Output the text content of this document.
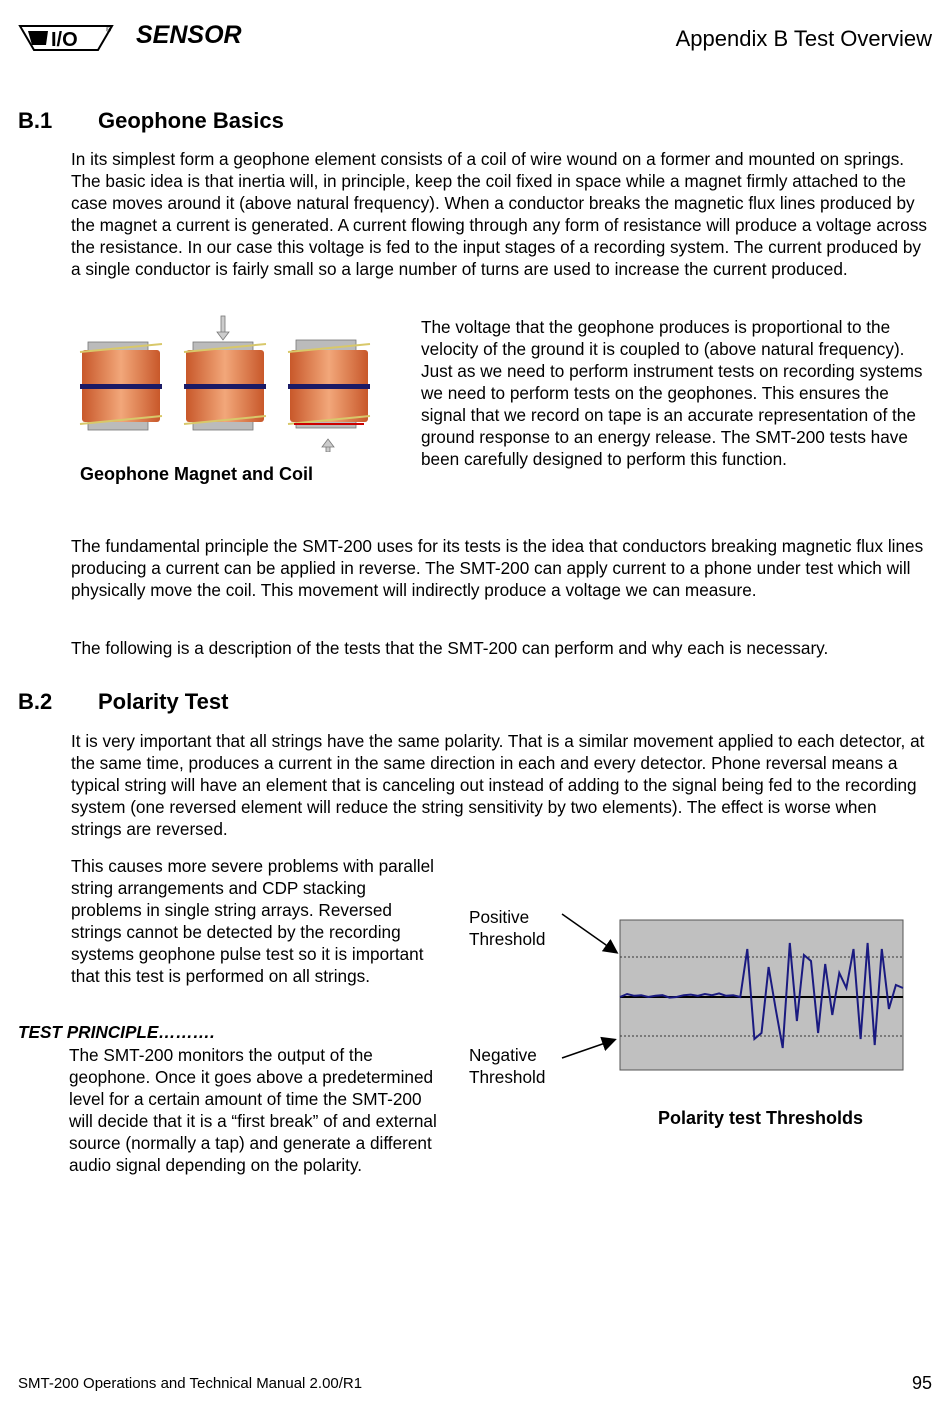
I/O	® SENSOR	Appendix B Test Overview
B.1 Geophone Basics

In its simplest form a geophone element consists of a coil of wire wound on a former and mounted on springs. The basic idea is that inertia will, in principle, keep the coil fixed in space while a magnet firmly attached to the case moves around it (above natural frequency). When a conductor breaks the magnetic flux lines produced by the magnet a current is generated. A current flowing through any form of resistance will produce a voltage across the resistance. In our case this voltage is fed to the input stages of a recording system. The current produced by a single conductor is fairly small so a large number of turns are used to increase the current produced.

Geophone Magnet and Coil

The voltage that the geophone produces is proportional to the velocity of the ground it is coupled to (above natural frequency). Just as we need to perform instrument tests on recording systems we need to perform tests on the geophones. This ensures the signal that we record on tape is an accurate representation of the ground response to an energy release. The SMT-200 tests have been carefully designed to perform this function.

The fundamental principle the SMT-200 uses for its tests is the idea that conductors breaking magnetic flux lines producing a current can be applied in reverse. The SMT-200 can apply current to a phone under test which will physically move the coil. This movement will indirectly produce a voltage we can measure.

The following is a description of the tests that the SMT-200 can perform and why each is necessary.

B.2 Polarity Test

It is very important that all strings have the same polarity. That is a similar movement applied to each detector, at the same time, produces a current in the same direction in each and every detector. Phone reversal means a typical string will have an element that is canceling out instead of adding to the signal being fed to the recording system (one reversed element will reduce the string sensitivity by two elements). The effect is worse when strings are reversed.

This causes more severe problems with parallel string arrangements and CDP stacking problems in single string arrays. Reversed strings cannot be detected by the recording systems geophone pulse test so it is important that this test is performed on all strings.

TEST PRINCIPLE……….

The SMT-200 monitors the output of the geophone. Once it goes above a predetermined level for a certain amount of time the SMT-200 will decide that it is a “first break” of and external source (normally a tap) and generate a different audio signal depending on the polarity.

Positive
Threshold
Negative
Threshold
Polarity test Thresholds
SMT-200 Operations and Technical Manual 2.00/R1	95
